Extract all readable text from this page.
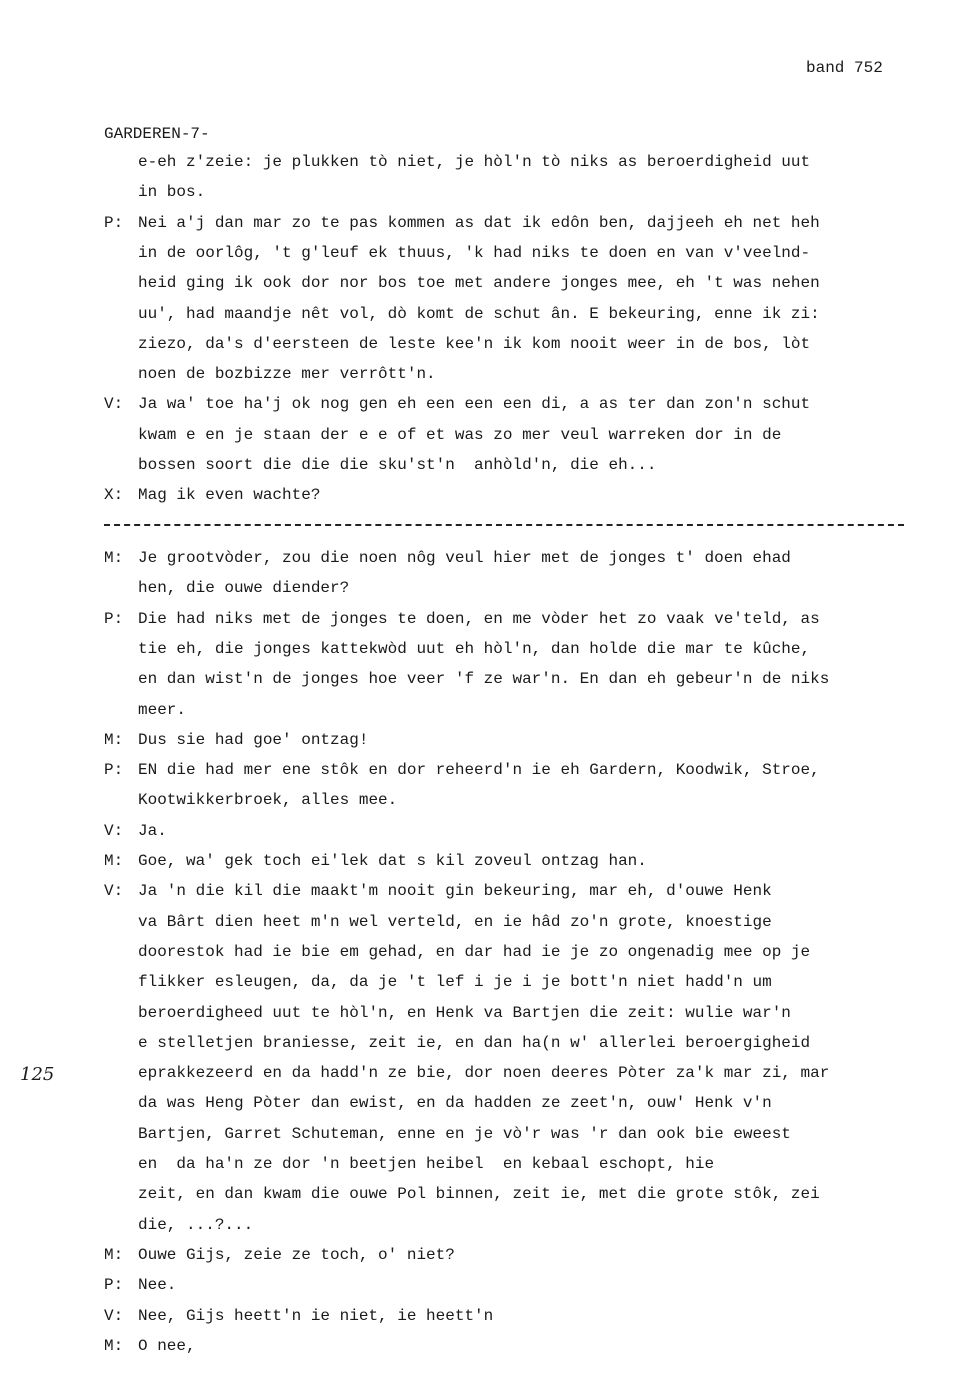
band 752
GARDEREN-7-
125
e-eh z'zeie: je plukken tò niet, je hòl'n tò niks as beroerdigheid uut
in bos.
P: Nei a'j dan mar zo te pas kommen as dat ik edôn ben, dajjeeh eh net heh
in de oorlôg, 't g'leuf ek thuus, 'k had niks te doen en van v'veelnd-
heid ging ik ook dor nor bos toe met andere jonges mee, eh 't was nehen
uu', had maandje nêt vol, dò komt de schut ân. E bekeuring, enne ik zi:
ziezo, da's d'eersteen de leste kee'n ik kom nooit weer in de bos, lòt
noen de bozbizze mer verrôtt'n.
V: Ja wa' toe ha'j ok nog gen eh een een een di, a as ter dan zon'n schut
kwam e en je staan der e e of et was zo mer veul warreken dor in de
bossen soort die die die sku'st'n  anhòld'n, die eh...
X: Mag ik even wachte?
M: Je grootvòder, zou die noen nôg veul hier met de jonges t' doen ehad
hen, die ouwe diender?
P: Die had niks met de jonges te doen, en me vòder het zo vaak ve'teld, as
tie eh, die jonges kattekwòd uut eh hòl'n, dan holde die mar te kûche,
en dan wist'n de jonges hoe veer 'f ze war'n. En dan eh gebeur'n de niks
meer.
M: Dus sie had goe' ontzag!
P: EN die had mer ene stôk en dor reheerd'n ie eh Gardern, Koodwik, Stroe,
Kootwikkerbroek, alles mee.
V: Ja.
M: Goe, wa' gek toch ei'lek dat s kil zoveul ontzag han.
V: Ja 'n die kil die maakt'm nooit gin bekeuring, mar eh, d'ouwe Henk
va Bârt dien heet m'n wel verteld, en ie hâd zo'n grote, knoestige
doorestok had ie bie em gehad, en dar had ie je zo ongenadig mee op je
flikker esleugen, da, da je 't lef i je i je bott'n niet hadd'n um
beroerdigheed uut te hòl'n, en Henk va Bartjen die zeit: wulie war'n
e stelletjen braniesse, zeit ie, en dan ha(n w' allerlei beroergigheid
eprakkezeerd en da hadd'n ze bie, dor noen deeres Pòter za'k mar zi, mar
da was Heng Pòter dan ewist, en da hadden ze zeet'n, ouw' Henk v'n
Bartjen, Garret Schuteman, enne en je vò'r was 'r dan ook bie eweest
en  da ha'n ze dor 'n beetjen heibel  en kebaal eschopt, hie
zeit, en dan kwam die ouwe Pol binnen, zeit ie, met die grote stôk, zei
die, ...?...
M: Ouwe Gijs, zeie ze toch, o' niet?
P: Nee.
V: Nee, Gijs heett'n ie niet, ie heett'n
M: O nee,
